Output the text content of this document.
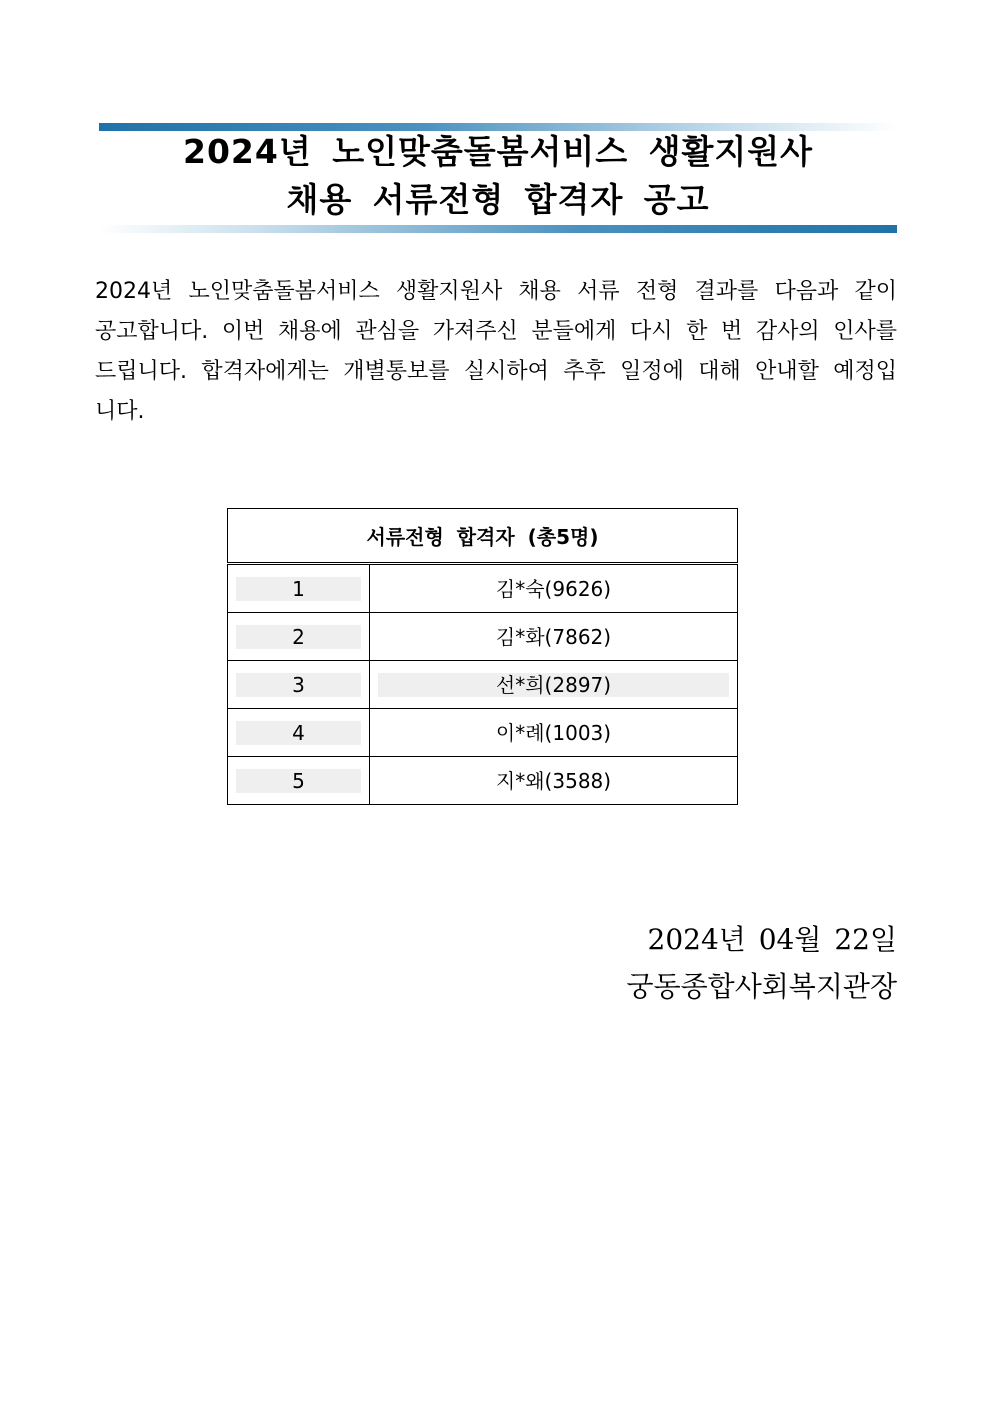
2024년 노인맞춤돌봄서비스 생활지원사
채용 서류전형 합격자 공고
2024년 노인맞춤돌봄서비스 생활지원사 채용 서류 전형 결과를 다음과 같이 공고합니다. 이번 채용에 관심을 가져주신 분들에게 다시 한 번 감사의 인사를 드립니다. 합격자에게는 개별통보를 실시하여 추후 일정에 대해 안내할 예정입니다.
서류전형 합격자 (총5명)	

1	김*숙(9626)

2	김*화(7862)

3	선*희(2897)

4	이*례(1003)

5	지*왜(3588)
2024년 04월 22일
궁동종합사회복지관장
